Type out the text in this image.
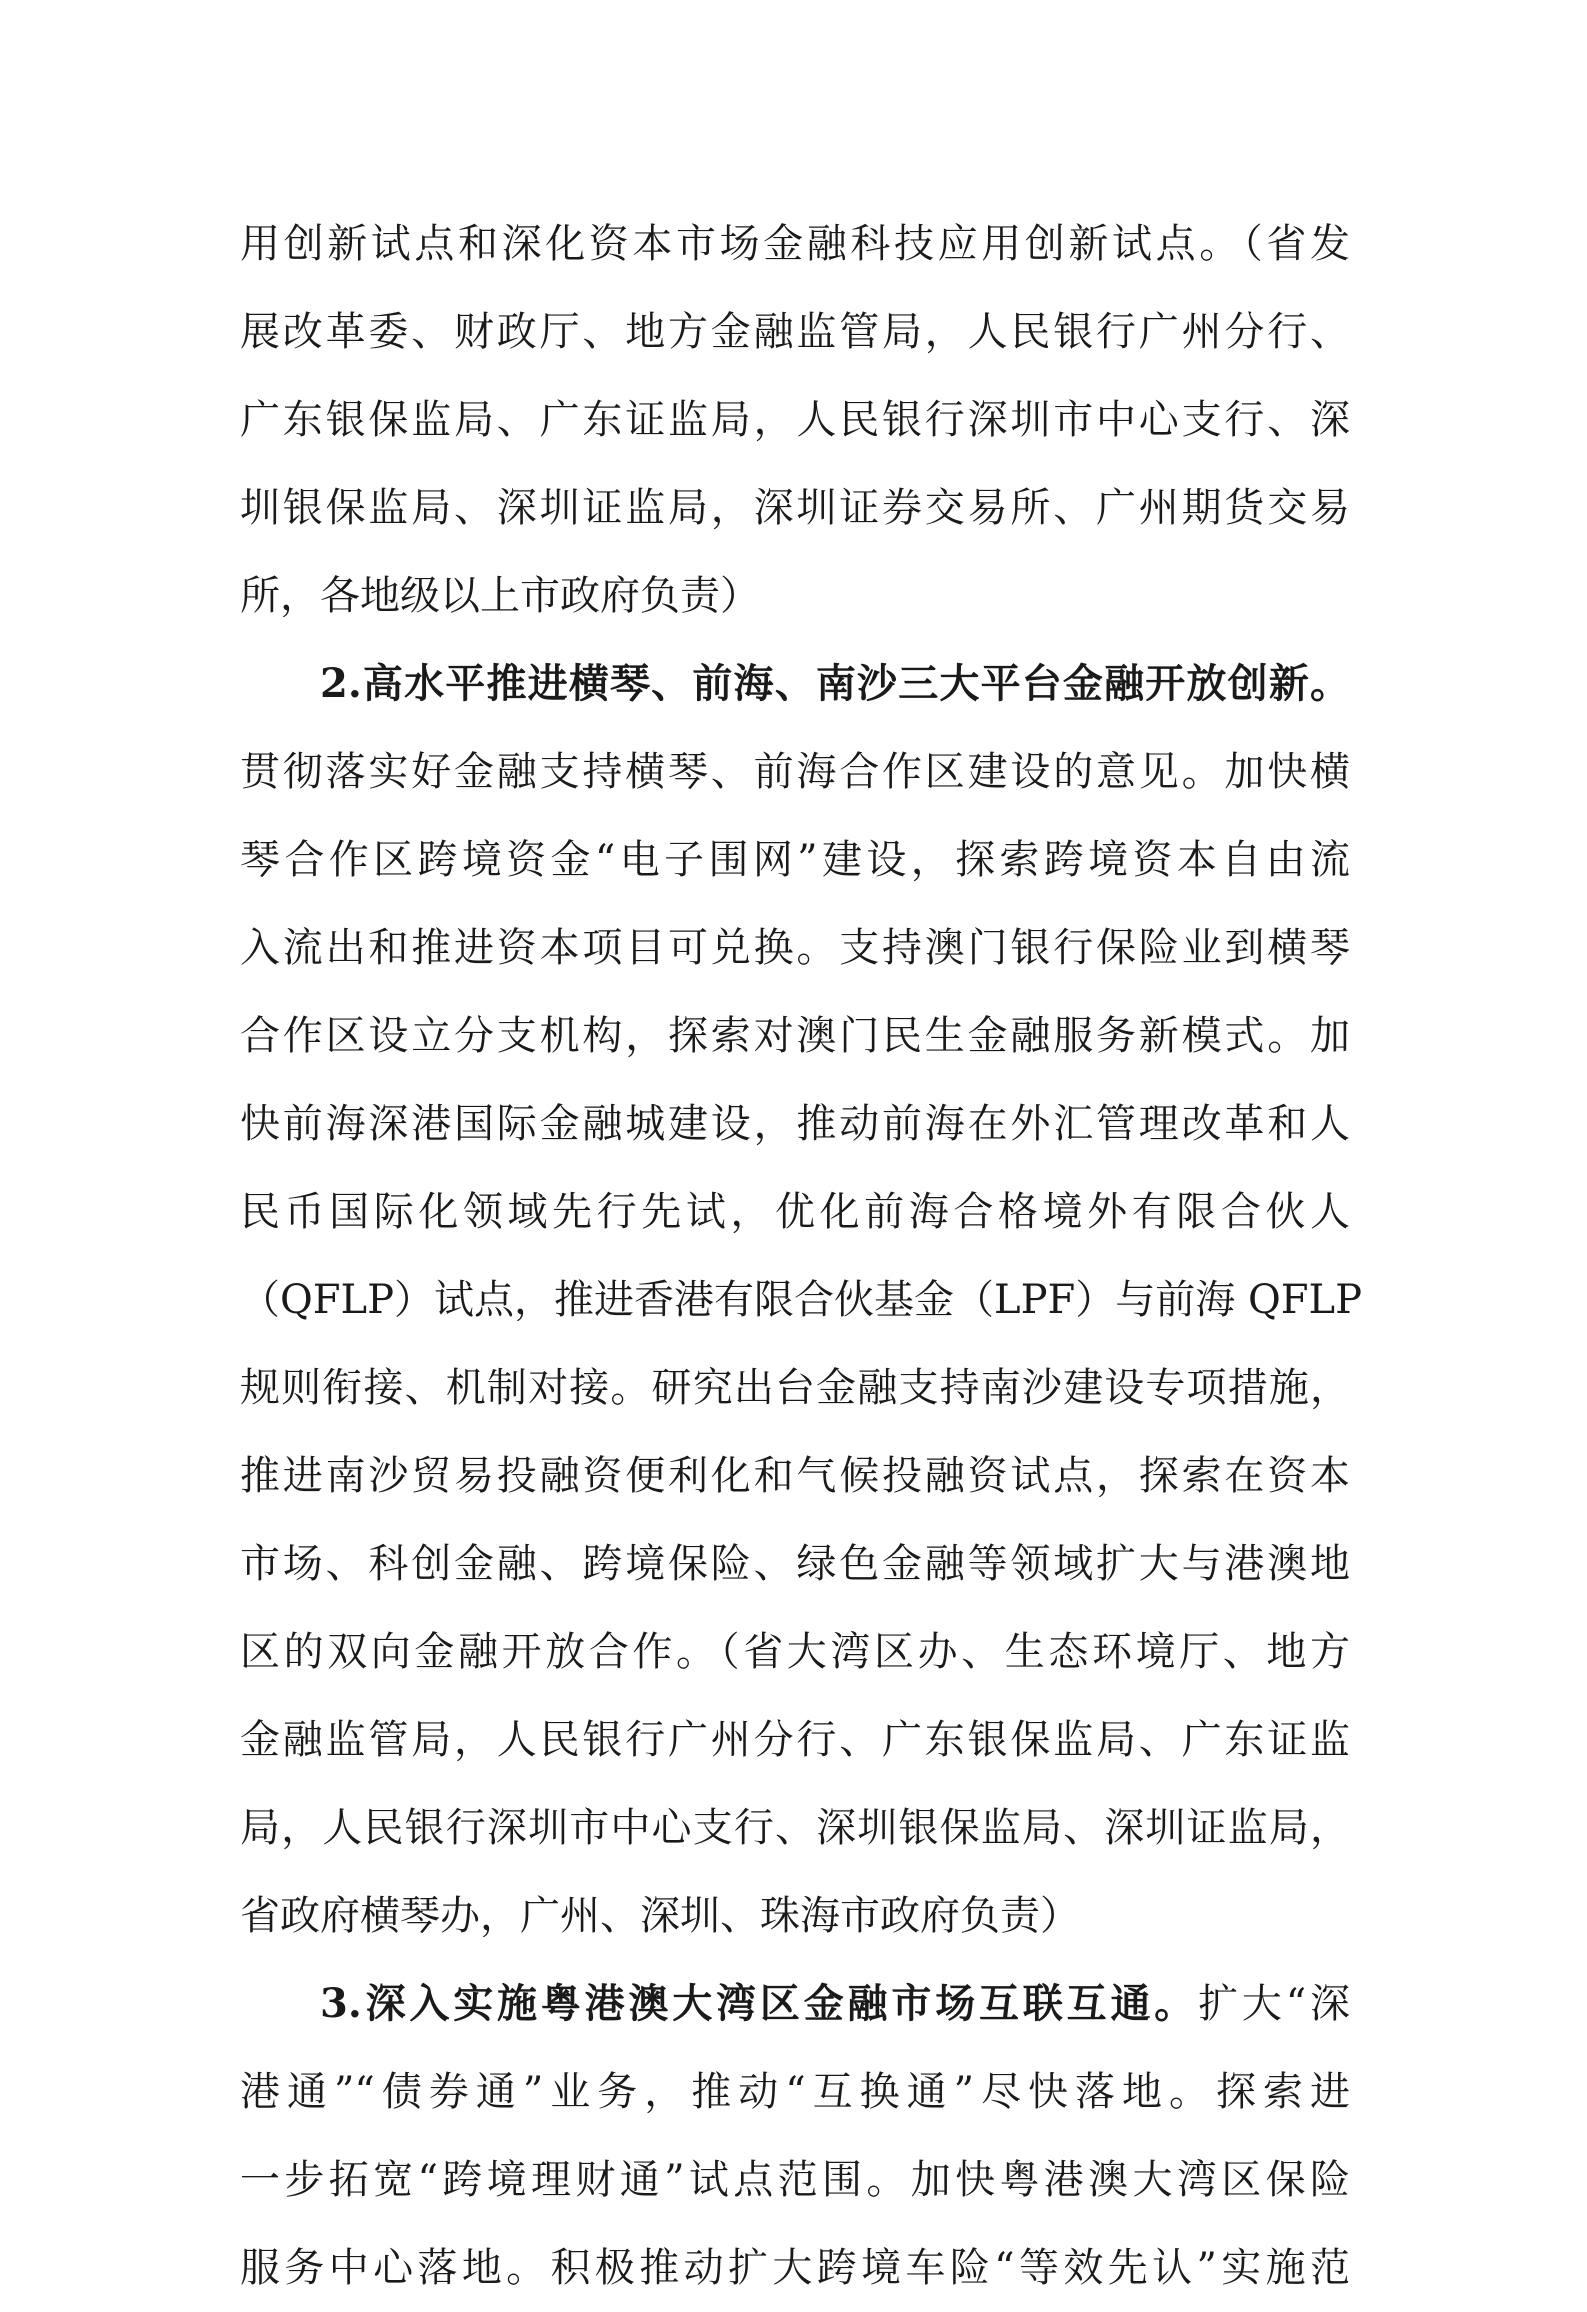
用创新试点和深化资本市场金融科技应用创新试点。（省发
展改革委、财政厅、地方金融监管局，人民银行广州分行、
广东银保监局、广东证监局，人民银行深圳市中心支行、深
圳银保监局、深圳证监局，深圳证券交易所、广州期货交易
所，各地级以上市政府负责）
2.高水平推进横琴、前海、南沙三大平台金融开放创新。
贯彻落实好金融支持横琴、前海合作区建设的意见。加快横
琴合作区跨境资金“电子围网”建设，探索跨境资本自由流
入流出和推进资本项目可兑换。支持澳门银行保险业到横琴
合作区设立分支机构，探索对澳门民生金融服务新模式。加
快前海深港国际金融城建设，推动前海在外汇管理改革和人
民币国际化领域先行先试，优化前海合格境外有限合伙人
（QFLP）试点，推进香港有限合伙基金（LPF）与前海 QFLP
规则衔接、机制对接。研究出台金融支持南沙建设专项措施，
推进南沙贸易投融资便利化和气候投融资试点，探索在资本
市场、科创金融、跨境保险、绿色金融等领域扩大与港澳地
区的双向金融开放合作。（省大湾区办、生态环境厅、地方
金融监管局，人民银行广州分行、广东银保监局、广东证监
局，人民银行深圳市中心支行、深圳银保监局、深圳证监局，
省政府横琴办，广州、深圳、珠海市政府负责）
3.深入实施粤港澳大湾区金融市场互联互通。扩大“深
港通”“债券通”业务，推动“互换通”尽快落地。探索进
一步拓宽“跨境理财通”试点范围。加快粤港澳大湾区保险
服务中心落地。积极推动扩大跨境车险“等效先认”实施范
